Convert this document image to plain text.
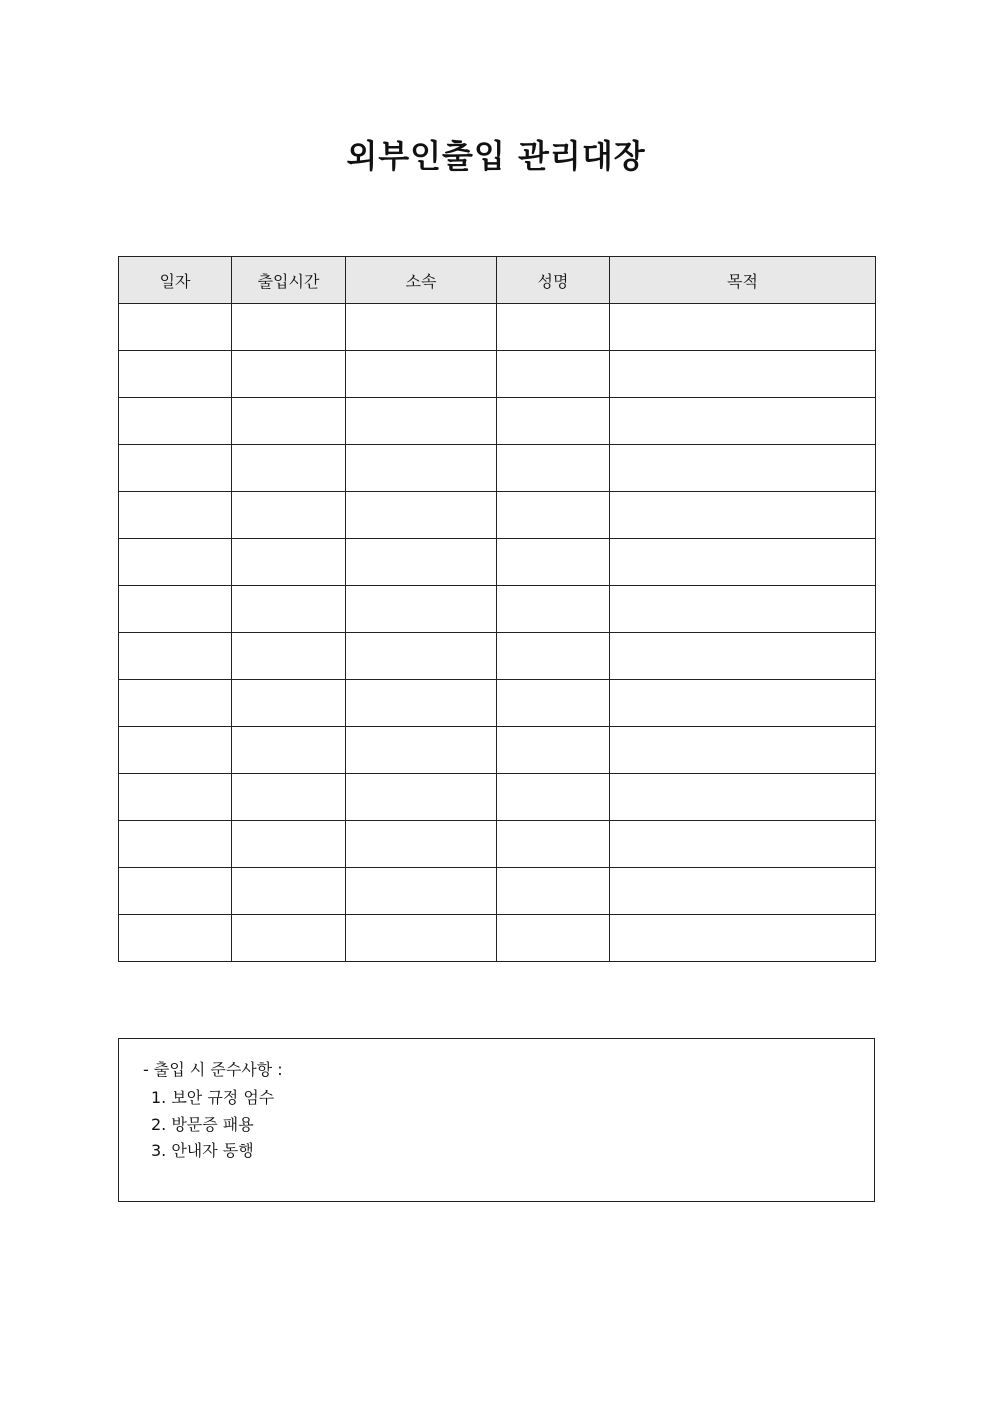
외부인출입 관리대장
일자	출입시간	소속	성명	목적

- 출입 시 준수사항 :
1. 보안 규정 엄수
2. 방문증 패용
3. 안내자 동행
